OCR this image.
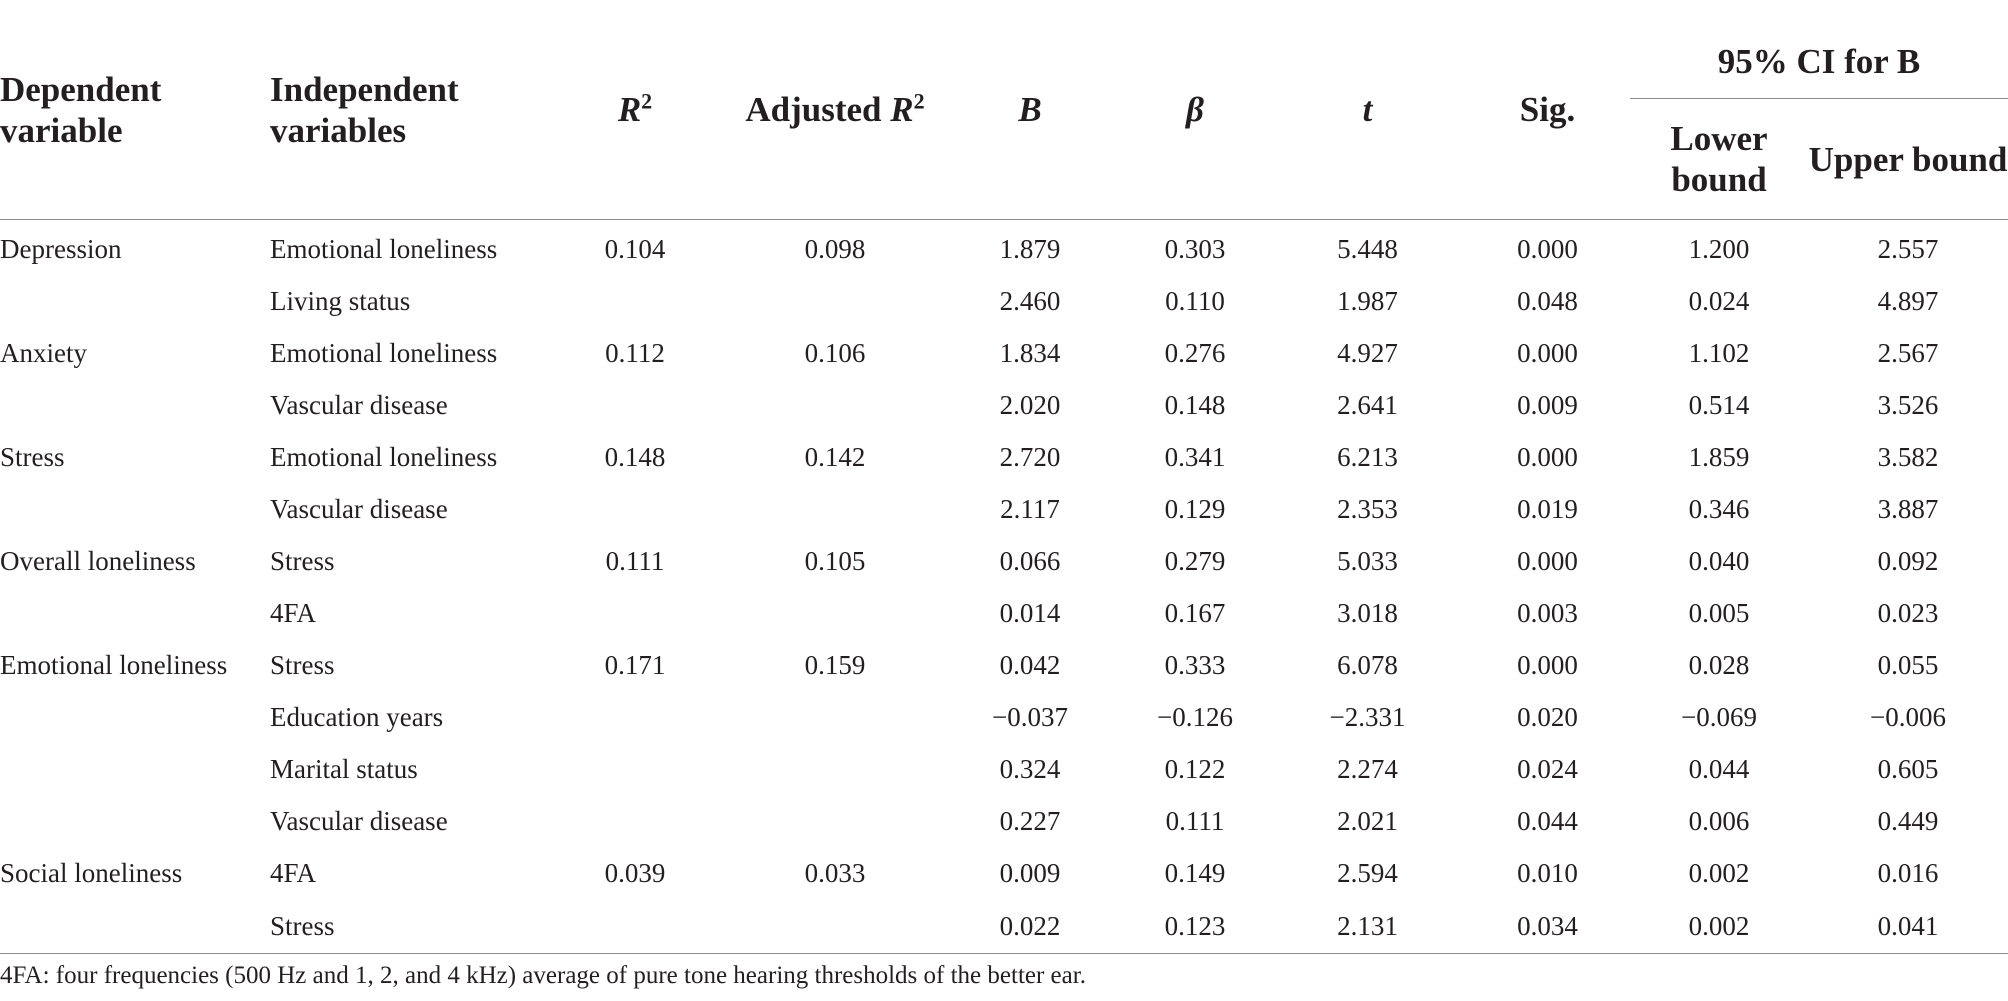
Dependent variable	Independent variables	$R^2$	Adjusted $R^2$	B	β	t	Sig.	95% CI for B	
								Lower bound	Upper bound
Depression	Emotional loneliness	0.104	0.098	1.879	0.303	5.448	0.000	1.200	2.557
	Living status			2.460	0.110	1.987	0.048	0.024	4.897
Anxiety	Emotional loneliness	0.112	0.106	1.834	0.276	4.927	0.000	1.102	2.567
	Vascular disease			2.020	0.148	2.641	0.009	0.514	3.526
Stress	Emotional loneliness	0.148	0.142	2.720	0.341	6.213	0.000	1.859	3.582
	Vascular disease			2.117	0.129	2.353	0.019	0.346	3.887
Overall loneliness	Stress	0.111	0.105	0.066	0.279	5.033	0.000	0.040	0.092
	4FA			0.014	0.167	3.018	0.003	0.005	0.023
Emotional loneliness	Stress	0.171	0.159	0.042	0.333	6.078	0.000	0.028	0.055
	Education years			−0.037	−0.126	−2.331	0.020	−0.069	−0.006
	Marital status			0.324	0.122	2.274	0.024	0.044	0.605
	Vascular disease			0.227	0.111	2.021	0.044	0.006	0.449
Social loneliness	4FA	0.039	0.033	0.009	0.149	2.594	0.010	0.002	0.016
	Stress			0.022	0.123	2.131	0.034	0.002	0.041
4FA: four frequencies (500 Hz and 1, 2, and 4 kHz) average of pure tone hearing thresholds of the better ear.
